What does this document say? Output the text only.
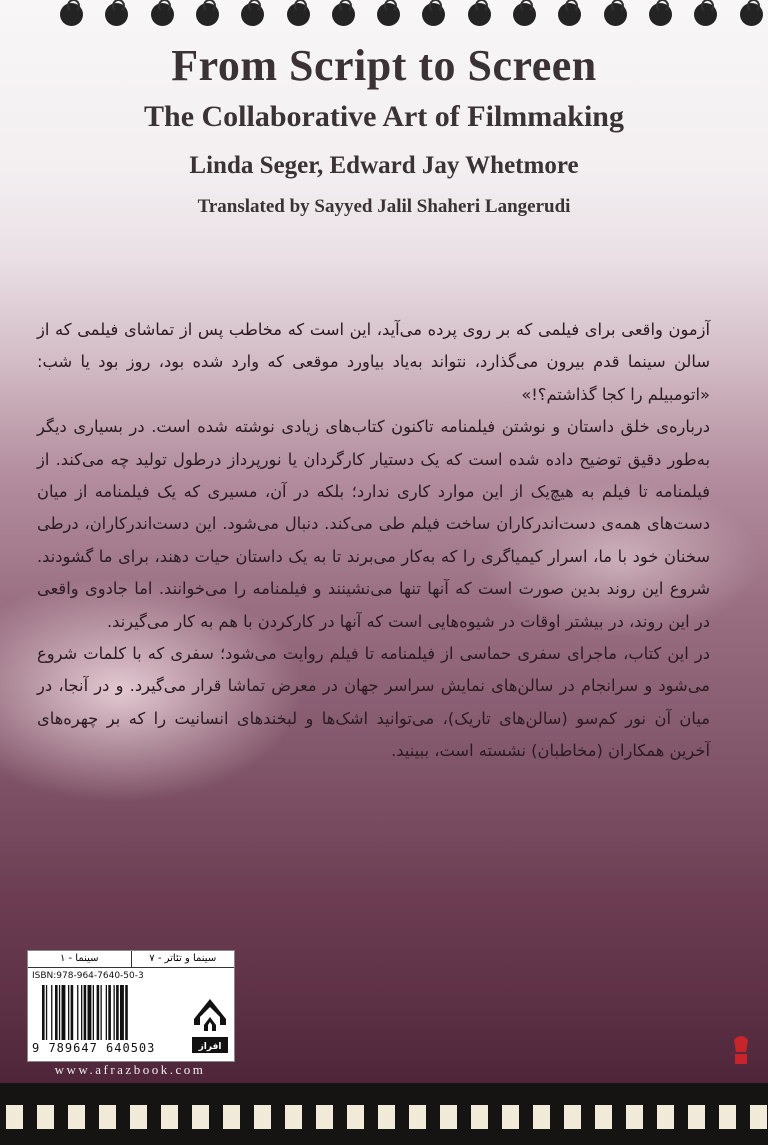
From Script to Screen
The Collaborative Art of Filmmaking
Linda Seger, Edward Jay Whetmore
Translated by Sayyed Jalil Shaheri Langerudi

آزمون واقعی برای فیلمی که بر روی پرده می‌آید، این است که مخاطب پس از تماشای فیلمی که از سالن سینما قدم بیرون می‌گذارد، نتواند به‌یاد بیاورد موقعی که وارد شده بود، روز بود یا شب: «اتومبیلم را کجا گذاشتم؟!»

درباره‌ی خلق داستان و نوشتن فیلمنامه تاکنون کتاب‌های زیادی نوشته شده است. در بسیاری دیگر به‌طور دقیق توضیح داده شده است که یک دستیار کارگردان یا نورپرداز درطول تولید چه می‌کند. از فیلمنامه تا فیلم به هیچ‌یک از این موارد کاری ندارد؛ بلکه در آن، مسیری که یک فیلمنامه از میان دست‌های همه‌ی دست‌اندرکاران ساخت فیلم طی می‌کند. دنبال می‌شود. این دست‌اندرکاران، درطی سخنان خود با ما، اسرار کیمیاگری را که به‌کار می‌برند تا به یک داستان حیات دهند، برای ما گشودند. شروع این روند بدین صورت است که آنها تنها می‌نشینند و فیلمنامه را می‌خوانند. اما جادوی واقعی در این روند، در بیشتر اوقات در شیوه‌هایی است که آنها در کارکردن با هم به کار می‌گیرند.

در این کتاب، ماجرای سفری حماسی از فیلمنامه تا فیلم روایت می‌شود؛ سفری که با کلمات شروع می‌شود و سرانجام در سالن‌های نمایش سراسر جهان در معرض تماشا قرار می‌گیرد. و در آنجا، در میان آن نور کم‌سو (سالن‌های تاریک)، می‌توانید اشک‌ها و لبخندهای انسانیت را که بر چهره‌های آخرین همکاران (مخاطبان) نشسته است، ببینید.

سینما و تئاتر - ۷
سینما - ۱
ISBN:978-964-7640-50-3
9 789647 640503	افراز
www.afrazbook.com
